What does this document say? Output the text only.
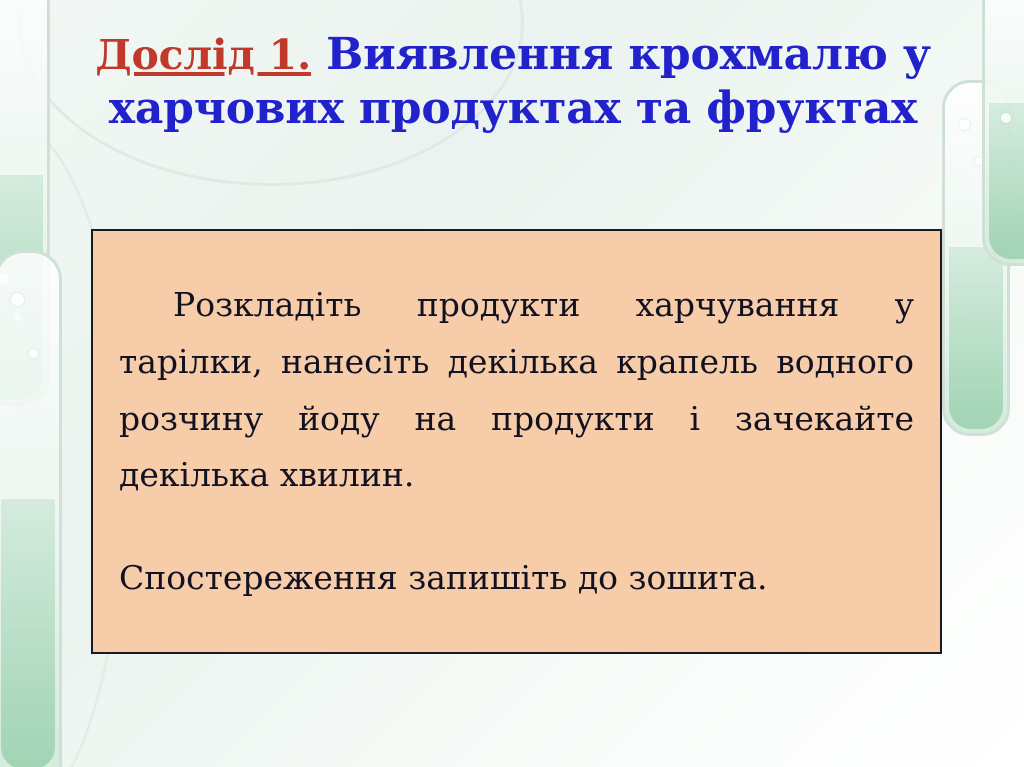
Дослід 1. Виявлення крохмалю у харчових продуктах та фруктах

Розкладіть продукти харчування у тарілки, нанесіть декілька крапель водного розчину йоду на продукти і зачекайте декілька хвилин.

Спостереження запишіть до зошита.
